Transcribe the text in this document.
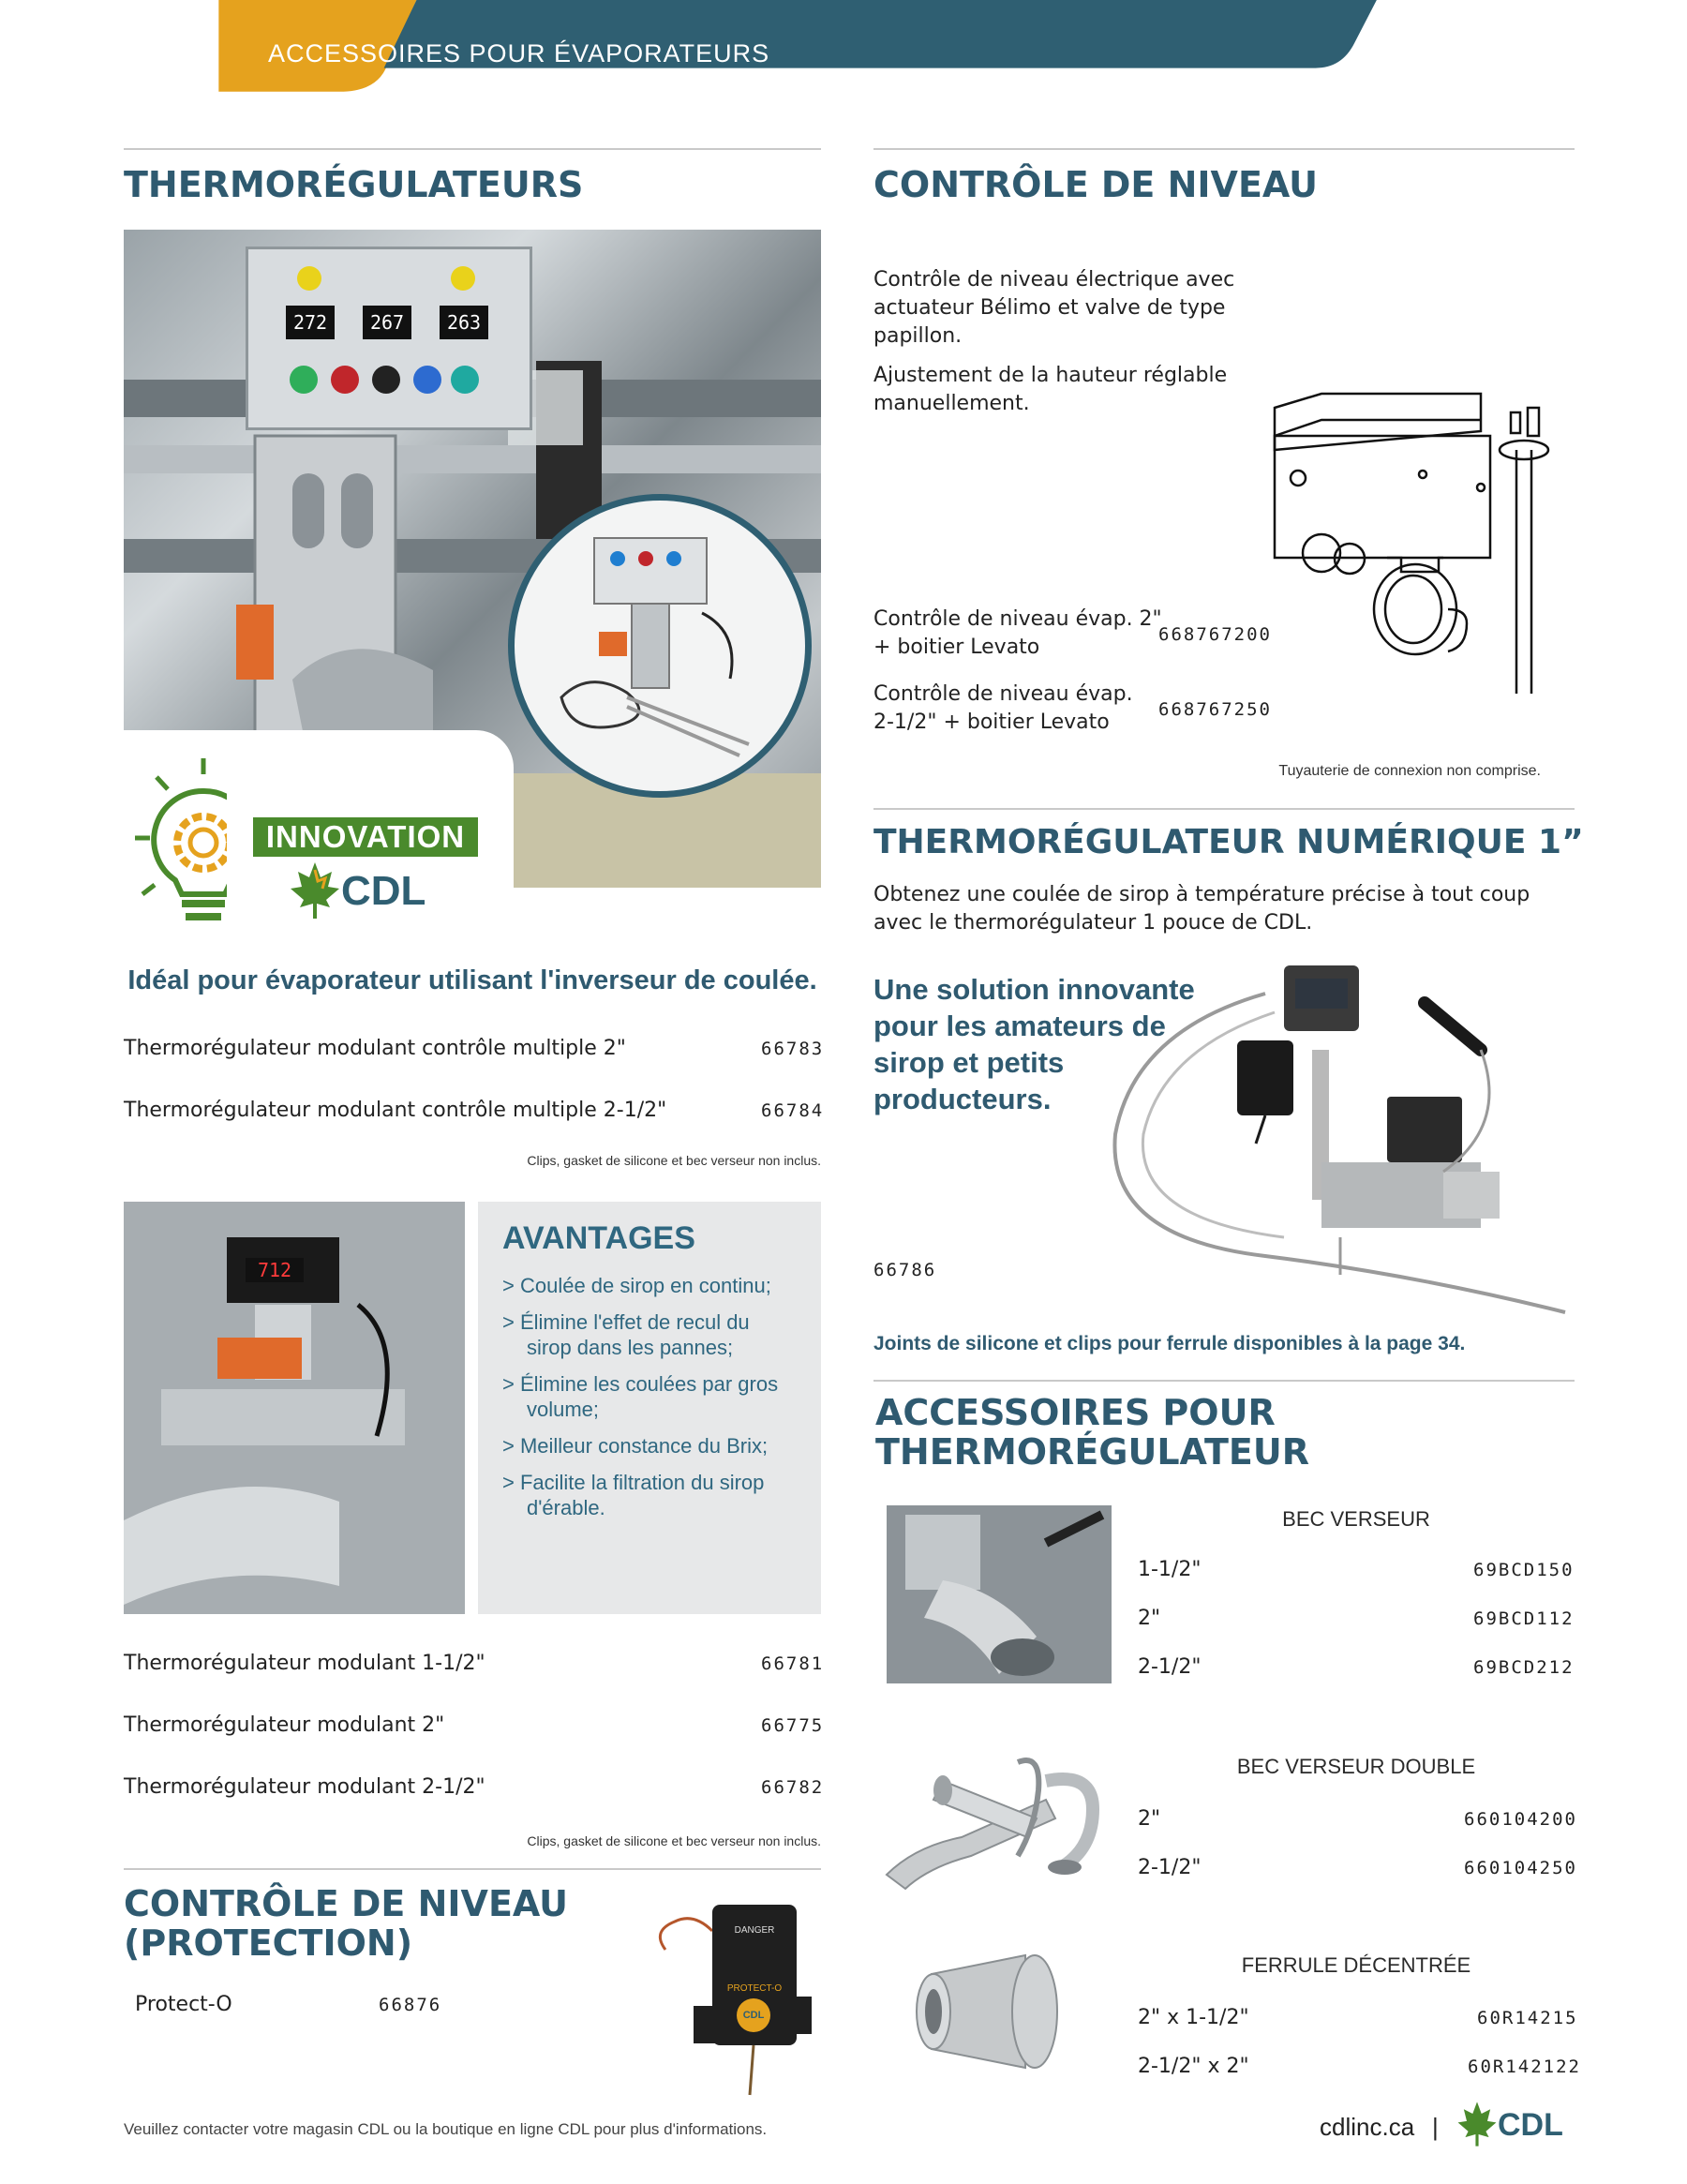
100	ACCESSOIRES POUR ÉVAPORATEURS	2026
THERMORÉGULATEURS
272	267	263
INNOVATION
CDL
Idéal pour évaporateur utilisant l'inverseur de coulée.
Thermorégulateur modulant contrôle multiple 2"	66783
Thermorégulateur modulant contrôle multiple 2-1/2"	66784
Clips, gasket de silicone et bec verseur non inclus.
712
AVANTAGES
> Coulée de sirop en continu;
> Élimine l'effet de recul du
sirop dans les pannes;
> Élimine les coulées par gros
volume;
> Meilleur constance du Brix;
> Facilite la filtration du sirop
d'érable.
Thermorégulateur modulant 1-1/2"	66781
Thermorégulateur modulant 2"	66775
Thermorégulateur modulant 2-1/2"	66782
Clips, gasket de silicone et bec verseur non inclus.
CONTRÔLE DE NIVEAU
(PROTECTION)
Protect-O	66876
DANGER
PROTECT-O
CDL
CONTRÔLE DE NIVEAU
Contrôle de niveau électrique avec
actuateur Bélimo et valve de type
papillon.
Ajustement de la hauteur réglable
manuellement.
Contrôle de niveau évap. 2"
+ boitier Levato
668767200
Contrôle de niveau évap.
2-1/2" + boitier Levato
668767250
Tuyauterie de connexion non comprise.
THERMORÉGULATEUR NUMÉRIQUE 1”
Obtenez une coulée de sirop à température précise à tout coup
avec le thermorégulateur 1 pouce de CDL.
Une solution innovante
pour les amateurs de
sirop et petits
producteurs.
66786
Joints de silicone et clips pour ferrule disponibles à la page 34.
ACCESSOIRES POUR
THERMORÉGULATEUR
BEC VERSEUR
1-1/2"	69BCD150
2"	69BCD112
2-1/2"	69BCD212
BEC VERSEUR DOUBLE
2"	660104200
2-1/2"	660104250
FERRULE DÉCENTRÉE
2" x 1-1/2"	60R14215
2-1/2" x 2"	60R142122
Veuillez contacter votre magasin CDL ou la boutique en ligne CDL pour plus d'informations.	cdlinc.ca | CDL
